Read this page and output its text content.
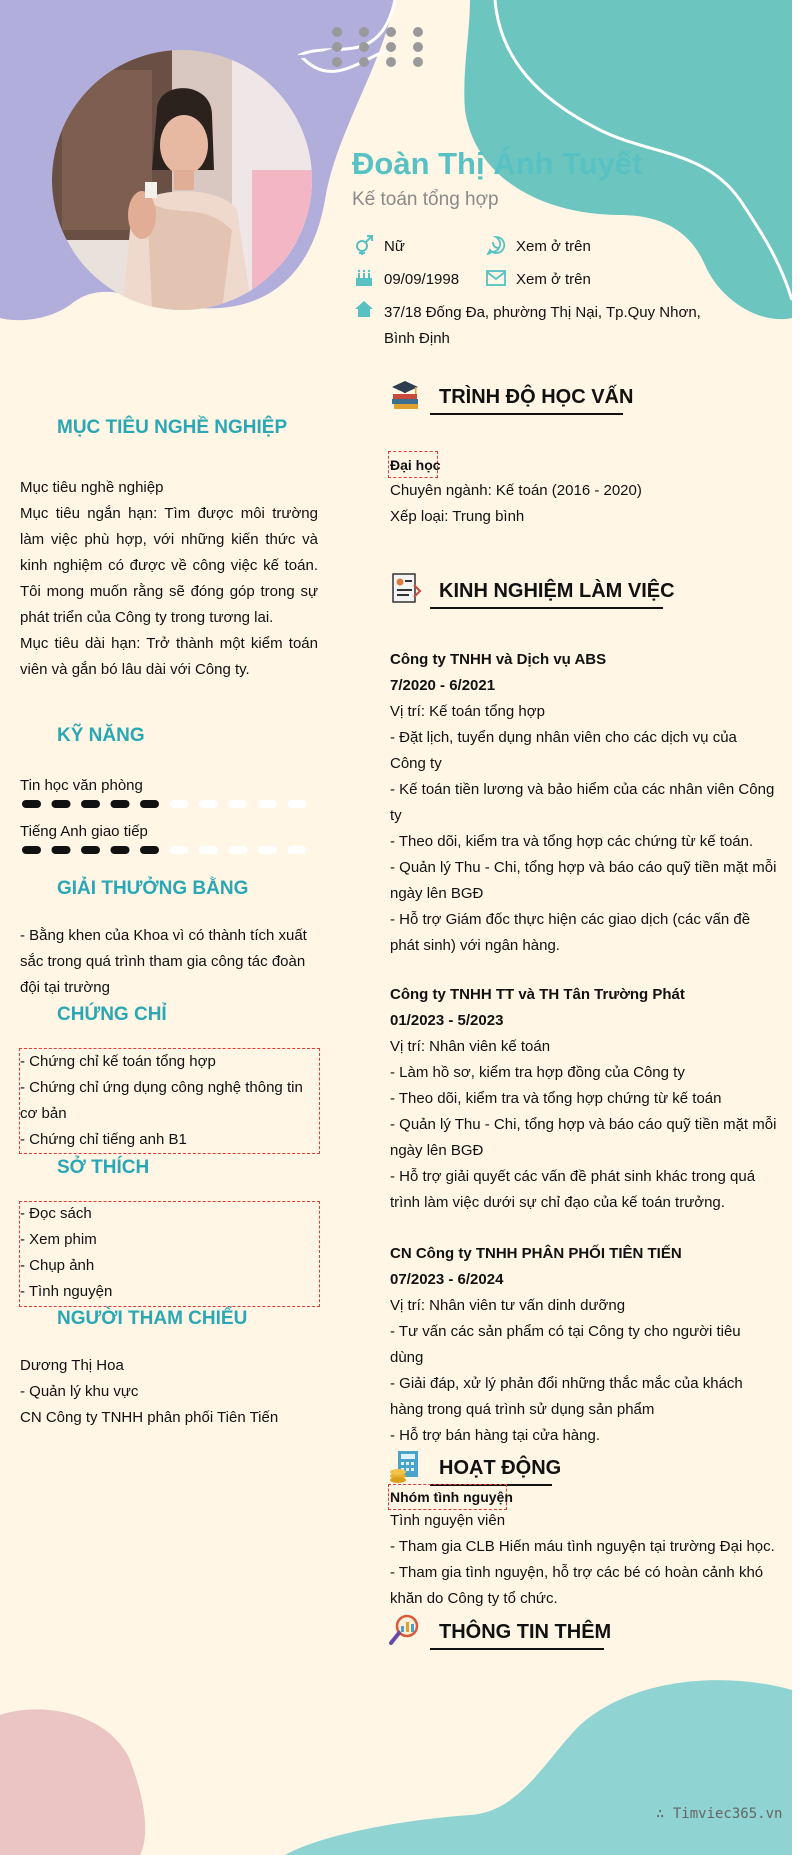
Đoàn Thị Ánh Tuyết
Kế toán tổng hợp
Nữ	Xem ở trên
09/09/1998	Xem ở trên
37/18 Đống Đa, phường Thị Nại, Tp.Quy Nhơn,
Bình Định
MỤC TIÊU NGHỀ NGHIỆP
Mục tiêu nghề nghiệp
Mục tiêu ngắn hạn: Tìm được môi trường làm việc phù hợp, với những kiến thức và kinh nghiệm có được về công việc kế toán. Tôi mong muốn rằng sẽ đóng góp trong sự phát triển của Công ty trong tương lai.
Mục tiêu dài hạn: Trở thành một kiểm toán viên và gắn bó lâu dài với Công ty.
KỸ NĂNG
Tin học văn phòng
Tiếng Anh giao tiếp
GIẢI THƯỞNG BẰNG
- Bằng khen của Khoa vì có thành tích xuất sắc trong quá trình tham gia công tác đoàn đội tại trường
CHỨNG CHỈ
- Chứng chỉ kế toán tổng hợp
- Chứng chỉ ứng dụng công nghệ thông tin cơ bản
- Chứng chỉ tiếng anh B1
SỞ THÍCH
- Đọc sách
- Xem phim
- Chụp ảnh
- Tình nguyện
NGƯỜI THAM CHIẾU
Dương Thị Hoa
- Quản lý khu vực
CN Công ty TNHH phân phối Tiên Tiến
TRÌNH ĐỘ HỌC VẤN
Đại học
Chuyên ngành: Kế toán (2016 - 2020)
Xếp loại: Trung bình
KINH NGHIỆM LÀM VIỆC
Công ty TNHH và Dịch vụ ABS
7/2020 - 6/2021
Vị trí: Kế toán tổng hợp
- Đặt lịch, tuyển dụng nhân viên cho các dịch vụ của
Công ty
- Kế toán tiền lương và bảo hiểm của các nhân viên Công
ty
- Theo dõi, kiểm tra và tổng hợp các chứng từ kế toán.
- Quản lý Thu - Chi, tổng hợp và báo cáo quỹ tiền mặt mỗi
ngày lên BGĐ
- Hỗ trợ Giám đốc thực hiện các giao dịch (các vấn đề
phát sinh) với ngân hàng.
Công ty TNHH TT và TH Tân Trường Phát
01/2023 - 5/2023
Vị trí: Nhân viên kế toán
- Làm hồ sơ, kiểm tra hợp đồng của Công ty
- Theo dõi, kiểm tra và tổng hợp chứng từ kế toán
- Quản lý Thu - Chi, tổng hợp và báo cáo quỹ tiền mặt mỗi
ngày lên BGĐ
- Hỗ trợ giải quyết các vấn đề phát sinh khác trong quá
trình làm việc dưới sự chỉ đạo của kế toán trưởng.
CN Công ty TNHH PHÂN PHỐI TIÊN TIẾN
07/2023 - 6/2024
Vị trí: Nhân viên tư vấn dinh dưỡng
- Tư vấn các sản phẩm có tại Công ty cho người tiêu
dùng
- Giải đáp, xử lý phản đổi những thắc mắc của khách
hàng trong quá trình sử dụng sản phẩm
- Hỗ trợ bán hàng tại cửa hàng.
HOẠT ĐỘNG
Nhóm tình nguyện
Tình nguyện viên
- Tham gia CLB Hiến máu tình nguyện tại trường Đại học.
- Tham gia tình nguyện, hỗ trợ các bé có hoàn cảnh khó
khăn do Công ty tổ chức.
THÔNG TIN THÊM
∴ Timviec365.vn
